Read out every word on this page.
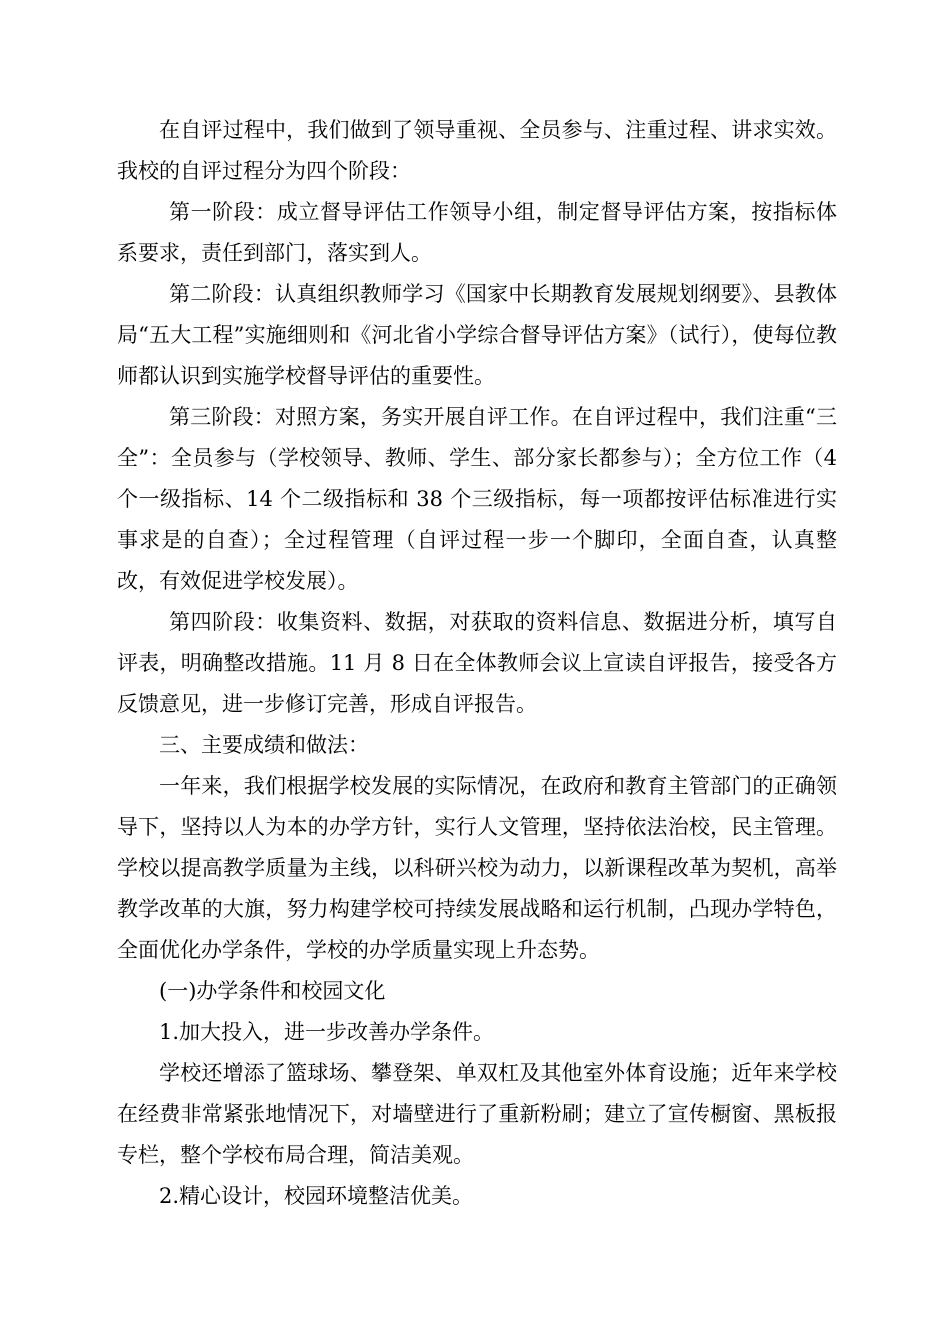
在自评过程中，我们做到了领导重视、全员参与、注重过程、讲求实效。我校的自评过程分为四个阶段：

第一阶段：成立督导评估工作领导小组，制定督导评估方案，按指标体系要求，责任到部门，落实到人。

第二阶段：认真组织教师学习《国家中长期教育发展规划纲要》、县教体局“五大工程”实施细则和《河北省小学综合督导评估方案》（试行），使每位教师都认识到实施学校督导评估的重要性。

第三阶段：对照方案，务实开展自评工作。在自评过程中，我们注重“三全”：全员参与（学校领导、教师、学生、部分家长都参与）；全方位工作（4 个一级指标、14 个二级指标和 38 个三级指标，每一项都按评估标准进行实事求是的自查）；全过程管理（自评过程一步一个脚印，全面自查，认真整改，有效促进学校发展）。

第四阶段：收集资料、数据，对获取的资料信息、数据进分析，填写自评表，明确整改措施。11 月 8 日在全体教师会议上宣读自评报告，接受各方反馈意见，进一步修订完善，形成自评报告。

三、主要成绩和做法：

一年来，我们根据学校发展的实际情况，在政府和教育主管部门的正确领导下，坚持以人为本的办学方针，实行人文管理，坚持依法治校，民主管理。学校以提高教学质量为主线，以科研兴校为动力，以新课程改革为契机，高举教学改革的大旗，努力构建学校可持续发展战略和运行机制，凸现办学特色，全面优化办学条件，学校的办学质量实现上升态势。

(一)办学条件和校园文化

1.加大投入，进一步改善办学条件。

学校还增添了篮球场、攀登架、单双杠及其他室外体育设施；近年来学校在经费非常紧张地情况下，对墙壁进行了重新粉刷；建立了宣传橱窗、黑板报专栏，整个学校布局合理，简洁美观。

2.精心设计，校园环境整洁优美。
